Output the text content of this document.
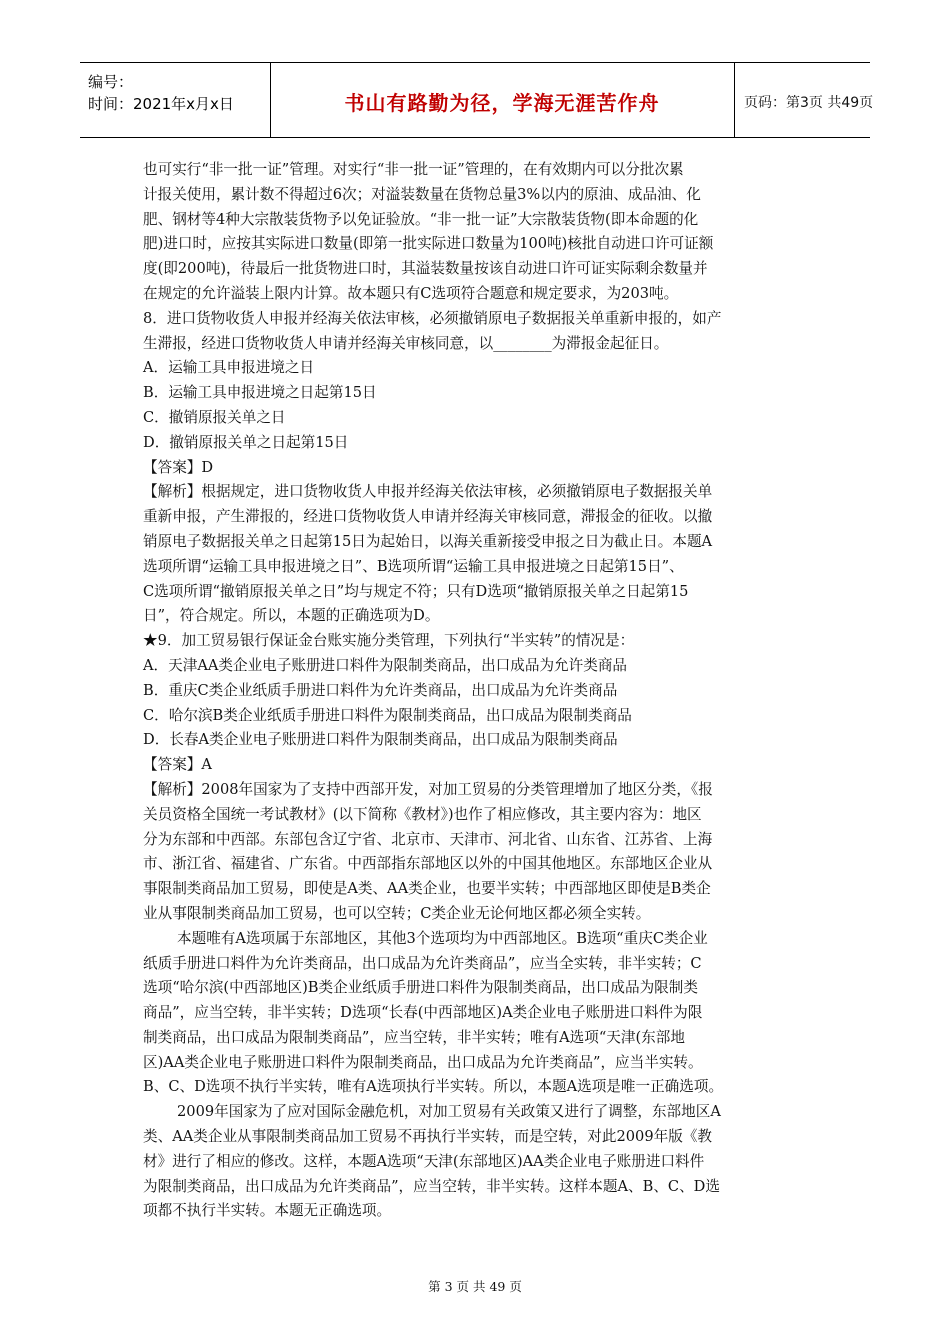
编号：
时间：2021年x月x日	书山有路勤为径，学海无涯苦作舟	页码：第3页 共49页
也可实行“非一批一证”管理。对实行“非一批一证”管理的，在有效期内可以分批次累
计报关使用，累计数不得超过6次；对溢装数量在货物总量3%以内的原油、成品油、化
肥、钢材等4种大宗散装货物予以免证验放。“非一批一证”大宗散装货物(即本命题的化
肥)进口时，应按其实际进口数量(即第一批实际进口数量为100吨)核批自动进口许可证额
度(即200吨)，待最后一批货物进口时，其溢装数量按该自动进口许可证实际剩余数量并
在规定的允许溢装上限内计算。故本题只有C选项符合题意和规定要求，为203吨。
8．进口货物收货人申报并经海关依法审核，必须撤销原电子数据报关单重新申报的，如产
生滞报，经进口货物收货人申请并经海关审核同意，以________为滞报金起征日。
A．运输工具申报进境之日
B．运输工具申报进境之日起第15日
C．撤销原报关单之日
D．撤销原报关单之日起第15日
【答案】D
【解析】根据规定，进口货物收货人申报并经海关依法审核，必须撤销原电子数据报关单
重新申报，产生滞报的，经进口货物收货人申请并经海关审核同意，滞报金的征收。以撤
销原电子数据报关单之日起第15日为起始日，以海关重新接受申报之日为截止日。本题A
选项所谓“运输工具申报进境之日”、B选项所谓“运输工具申报进境之日起第15日”、
C选项所谓“撤销原报关单之日”均与规定不符；只有D选项“撤销原报关单之日起第15
日”，符合规定。所以，本题的正确选项为D。
★9．加工贸易银行保证金台账实施分类管理，下列执行“半实转”的情况是：
A．天津AA类企业电子账册进口料件为限制类商品，出口成品为允许类商品
B．重庆C类企业纸质手册进口料件为允许类商品，出口成品为允许类商品
C．哈尔滨B类企业纸质手册进口料件为限制类商品，出口成品为限制类商品
D．长春A类企业电子账册进口料件为限制类商品，出口成品为限制类商品
【答案】A
【解析】2008年国家为了支持中西部开发，对加工贸易的分类管理增加了地区分类，《报
关员资格全国统一考试教材》(以下简称《教材》)也作了相应修改，其主要内容为：地区
分为东部和中西部。东部包含辽宁省、北京市、天津市、河北省、山东省、江苏省、上海
市、浙江省、福建省、广东省。中西部指东部地区以外的中国其他地区。东部地区企业从
事限制类商品加工贸易，即使是A类、AA类企业，也要半实转；中西部地区即使是B类企
业从事限制类商品加工贸易，也可以空转；C类企业无论何地区都必须全实转。
本题唯有A选项属于东部地区，其他3个选项均为中西部地区。B选项“重庆C类企业
纸质手册进口料件为允许类商品，出口成品为允许类商品”，应当全实转，非半实转；C
选项“哈尔滨(中西部地区)B类企业纸质手册进口料件为限制类商品，出口成品为限制类
商品”，应当空转，非半实转；D选项“长春(中西部地区)A类企业电子账册进口料件为限
制类商品，出口成品为限制类商品”，应当空转，非半实转；唯有A选项“天津(东部地
区)AA类企业电子账册进口料件为限制类商品，出口成品为允许类商品”，应当半实转。
B、C、D选项不执行半实转，唯有A选项执行半实转。所以，本题A选项是唯一正确选项。
2009年国家为了应对国际金融危机，对加工贸易有关政策又进行了调整，东部地区A
类、AA类企业从事限制类商品加工贸易不再执行半实转，而是空转，对此2009年版《教
材》进行了相应的修改。这样，本题A选项“天津(东部地区)AA类企业电子账册进口料件
为限制类商品，出口成品为允许类商品”，应当空转，非半实转。这样本题A、B、C、D选
项都不执行半实转。本题无正确选项。
第 3 页 共 49 页
